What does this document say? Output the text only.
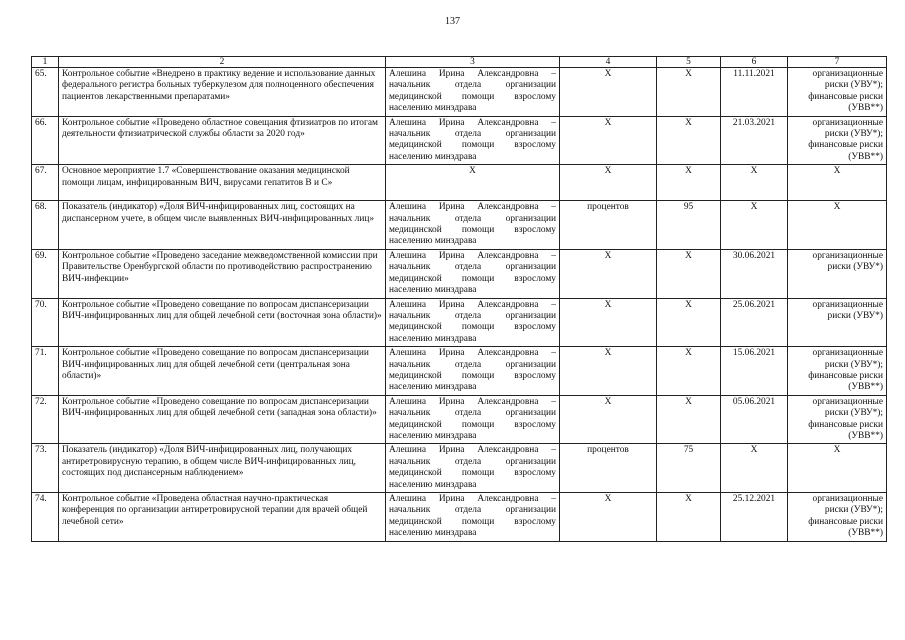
137
1	2	3	4	5	6	7
65.	Контрольное событие «Внедрено в практику ведение и использование данных федерального регистра больных туберкулезом для полноценного обеспечения пациентов лекарственными препаратами»	Алешина Ирина Александровна – начальник отдела организации медицинской помощи взрослому населению минздрава	X	X	11.11.2021	организационные
риски (УВУ*);
финансовые риски
(УВВ**)

66.	Контрольное событие «Проведено областное совещания фтизиатров по итогам деятельности фтизиатрической службы области за 2020 год»	Алешина Ирина Александровна – начальник отдела организации медицинской помощи взрослому населению минздрава	X	X	21.03.2021	организационные
риски (УВУ*);
финансовые риски
(УВВ**)

67.	Основное мероприятие 1.7 «Совершенствование оказания медицинской помощи лицам, инфицированным ВИЧ, вирусами гепатитов В и С»	X	X	X	X	X

68.	Показатель (индикатор) «Доля ВИЧ-инфицированных лиц, состоящих на диспансерном учете, в общем числе выявленных ВИЧ-инфицированных лиц»	Алешина Ирина Александровна – начальник отдела организации медицинской помощи взрослому населению минздрава	процентов	95	X	X

69.	Контрольное событие «Проведено заседание межведомственной комиссии при Правительстве Оренбургской области по противодействию распространению ВИЧ-инфекции»	Алешина Ирина Александровна – начальник отдела организации медицинской помощи взрослому населению минздрава	X	X	30.06.2021	организационные
риски (УВУ*)

70.	Контрольное событие «Проведено совещание по вопросам диспансеризации ВИЧ-инфицированных лиц для общей лечебной сети (восточная зона области)»	Алешина Ирина Александровна – начальник отдела организации медицинской помощи взрослому населению минздрава	X	X	25.06.2021	организационные
риски (УВУ*)

71.	Контрольное событие «Проведено совещание по вопросам диспансеризации ВИЧ-инфицированных лиц для общей лечебной сети (центральная зона области)»	Алешина Ирина Александровна – начальник отдела организации медицинской помощи взрослому населению минздрава	X	X	15.06.2021	организационные
риски (УВУ*);
финансовые риски
(УВВ**)

72.	Контрольное событие «Проведено совещание по вопросам диспансеризации ВИЧ-инфицированных лиц для общей лечебной сети (западная зона области)»	Алешина Ирина Александровна – начальник отдела организации медицинской помощи взрослому населению минздрава	X	X	05.06.2021	организационные
риски (УВУ*);
финансовые риски
(УВВ**)

73.	Показатель (индикатор) «Доля ВИЧ-инфицированных лиц, получающих антиретровирусную терапию, в общем числе ВИЧ-инфицированных лиц, состоящих под диспансерным наблюдением»	Алешина Ирина Александровна – начальник отдела организации медицинской помощи взрослому населению минздрава	процентов	75	X	X

74.	Контрольное событие «Проведена областная научно-практическая конференция по организации антиретровирусной терапии для врачей общей лечебной сети»	Алешина Ирина Александровна – начальник отдела организации медицинской помощи взрослому населению минздрава	X	X	25.12.2021	организационные
риски (УВУ*);
финансовые риски
(УВВ**)
